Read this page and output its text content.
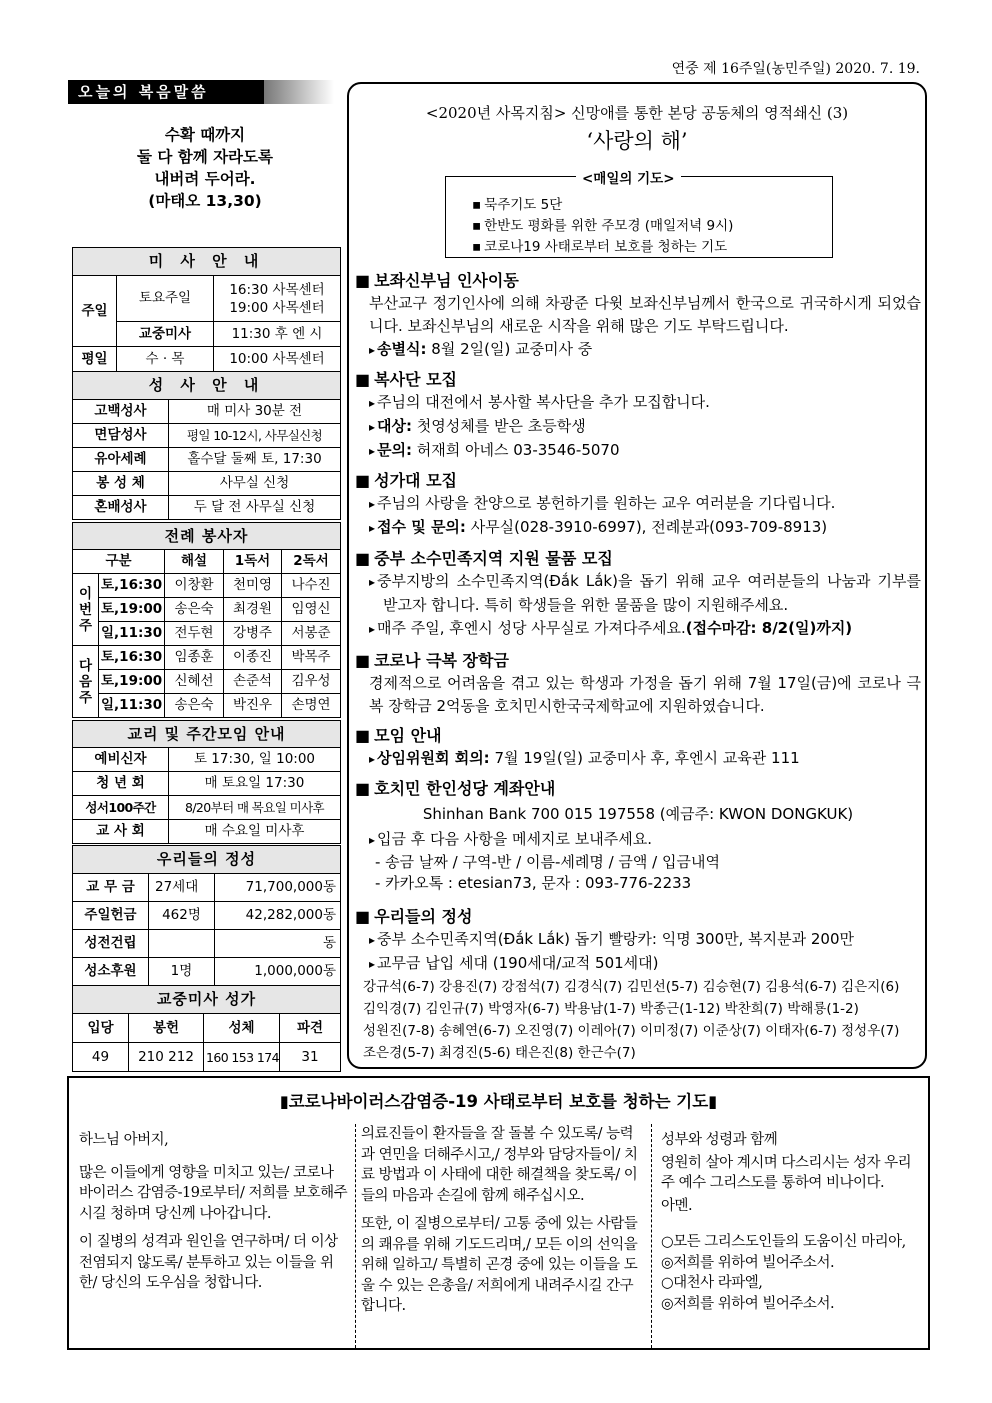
연중 제 16주일(농민주일) 2020. 7. 19.
오늘의 복음말씀
수확 때까지
둘 다 함께 자라도록
내버려 두어라.
(마태오 13,30)
미 사 안 내		
주일	토요주일	16:30 사목센터
19:00 사목센터

	교중미사	11:30 후 엔 시
평일	수 · 목	10:00 사목센터
성 사 안 내	
고백성사	매 미사 30분 전
면담성사	평일 10-12시, 사무실신청
유아세례	홀수달 둘째 토, 17:30
봉 성 체	사무실 신청
혼배성사	두 달 전 사무실 신청
전례 봉사자				
구분		해설	1독서	2독서
이번주	토,16:30	이창환	천미영	나수진
	토,19:00	송은숙	최경원	임영신
	일,11:30	전두현	강병주	서봉준
다음주	토,16:30	임종훈	이종진	박목주
	토,19:00	신혜선	손준석	김우성
	일,11:30	송은숙	박진우	손명연
교리 및 주간모임 안내	
예비신자	토 17:30, 일 10:00
청 년 회	매 토요일 17:30
성서100주간	8/20부터 매 목요일 미사후
교 사 회	매 수요일 미사후
우리들의 정성		
교 무 금	27세대	71,700,000동
주일헌금	462명	42,282,000동
성전건립		동
성소후원	1명	1,000,000동
교중미사 성가			
입당	봉헌	성체	파견
49	210 212	160 153 174	31
<2020년 사목지침> 신망애를 통한 본당 공동체의 영적쇄신 (3)
‘사랑의 해’
<매일의 기도>
▪ 묵주기도 5단
▪ 한반도 평화를 위한 주모경 (매일저녁 9시)
▪ 코로나19 사태로부터 보호를 청하는 기도
■ 보좌신부님 인사이동

부산교구 정기인사에 의해 차광준 다윗 보좌신부님께서 한국으로 귀국하시게 되었습니다. 보좌신부님의 새로운 시작을 위해 많은 기도 부탁드립니다.

▸ 송별식: 8월 2일(일) 교중미사 중

■ 복사단 모집

▸ 주님의 대전에서 봉사할 복사단을 추가 모집합니다.

▸ 대상: 첫영성체를 받은 초등학생

▸ 문의: 허재희 아네스 03-3546-5070

■ 성가대 모집

▸ 주님의 사랑을 찬양으로 봉헌하기를 원하는 교우 여러분을 기다립니다.

▸ 접수 및 문의: 사무실(028-3910-6997), 전례분과(093-709-8913)

■ 중부 소수민족지역 지원 물품 모집

▸ 중부지방의 소수민족지역(Đắk Lắk)을 돕기 위해 교우 여러분들의 나눔과 기부를 받고자 합니다. 특히 학생들을 위한 물품을 많이 지원해주세요.

▸ 매주 주일, 후엔시 성당 사무실로 가져다주세요.(접수마감: 8/2(일)까지)

■ 코로나 극복 장학금

경제적으로 어려움을 겪고 있는 학생과 가정을 돕기 위해 7월 17일(금)에 코로나 극복 장학금 2억동을 호치민시한국국제학교에 지원하였습니다.

■ 모임 안내

▸ 상임위원회 회의: 7월 19일(일) 교중미사 후, 후엔시 교육관 111

■ 호치민 한인성당 계좌안내

Shinhan Bank 700 015 197558 (예금주: KWON DONGKUK)

▸ 입금 후 다음 사항을 메세지로 보내주세요.

- 송금 날짜 / 구역-반 / 이름-세례명 / 금액 / 입금내역

- 카카오톡 : etesian73, 문자 : 093-776-2233

■ 우리들의 정성

▸ 중부 소수민족지역(Đắk Lắk) 돕기 빨랑카: 익명 300만, 복지분과 200만

▸ 교무금 납입 세대 (190세대/교적 501세대)

강규석(6-7) 강용진(7) 강점석(7) 김경식(7) 김민선(5-7) 김승현(7) 김용석(6-7) 김은지(6)

김익경(7) 김인규(7) 박영자(6-7) 박용남(1-7) 박종근(1-12) 박찬희(7) 박해룡(1-2)

성원진(7-8) 송혜연(6-7) 오진영(7) 이레아(7) 이미정(7) 이준상(7) 이태자(6-7) 정성우(7)

조은경(5-7) 최경진(5-6) 태은진(8) 한근수(7)

▮코로나바이러스감염증-19 사태로부터 보호를 청하는 기도▮

하느님 아버지,

많은 이들에게 영향을 미치고 있는/ 코로나 바이러스 감염증-19로부터/ 저희를 보호해주시길 청하며 당신께 나아갑니다.

이 질병의 성격과 원인을 연구하며/ 더 이상 전염되지 않도록/ 분투하고 있는 이들을 위한/ 당신의 도우심을 청합니다.

의료진들이 환자들을 잘 돌볼 수 있도록/ 능력과 연민을 더해주시고,/ 정부와 담당자들이/ 치료 방법과 이 사태에 대한 해결책을 찾도록/ 이들의 마음과 손길에 함께 해주십시오.

또한, 이 질병으로부터/ 고통 중에 있는 사람들의 쾌유를 위해 기도드리며,/ 모든 이의 선익을 위해 일하고/ 특별히 곤경 중에 있는 이들을 도울 수 있는 은총을/ 저희에게 내려주시길 간구합니다.

성부와 성령과 함께

영원히 살아 계시며 다스리시는 성자 우리 주 예수 그리스도를 통하여 비나이다.

아멘.

○모든 그리스도인들의 도움이신 마리아,

◎저희를 위하여 빌어주소서.

○대천사 라파엘,

◎저희를 위하여 빌어주소서.
